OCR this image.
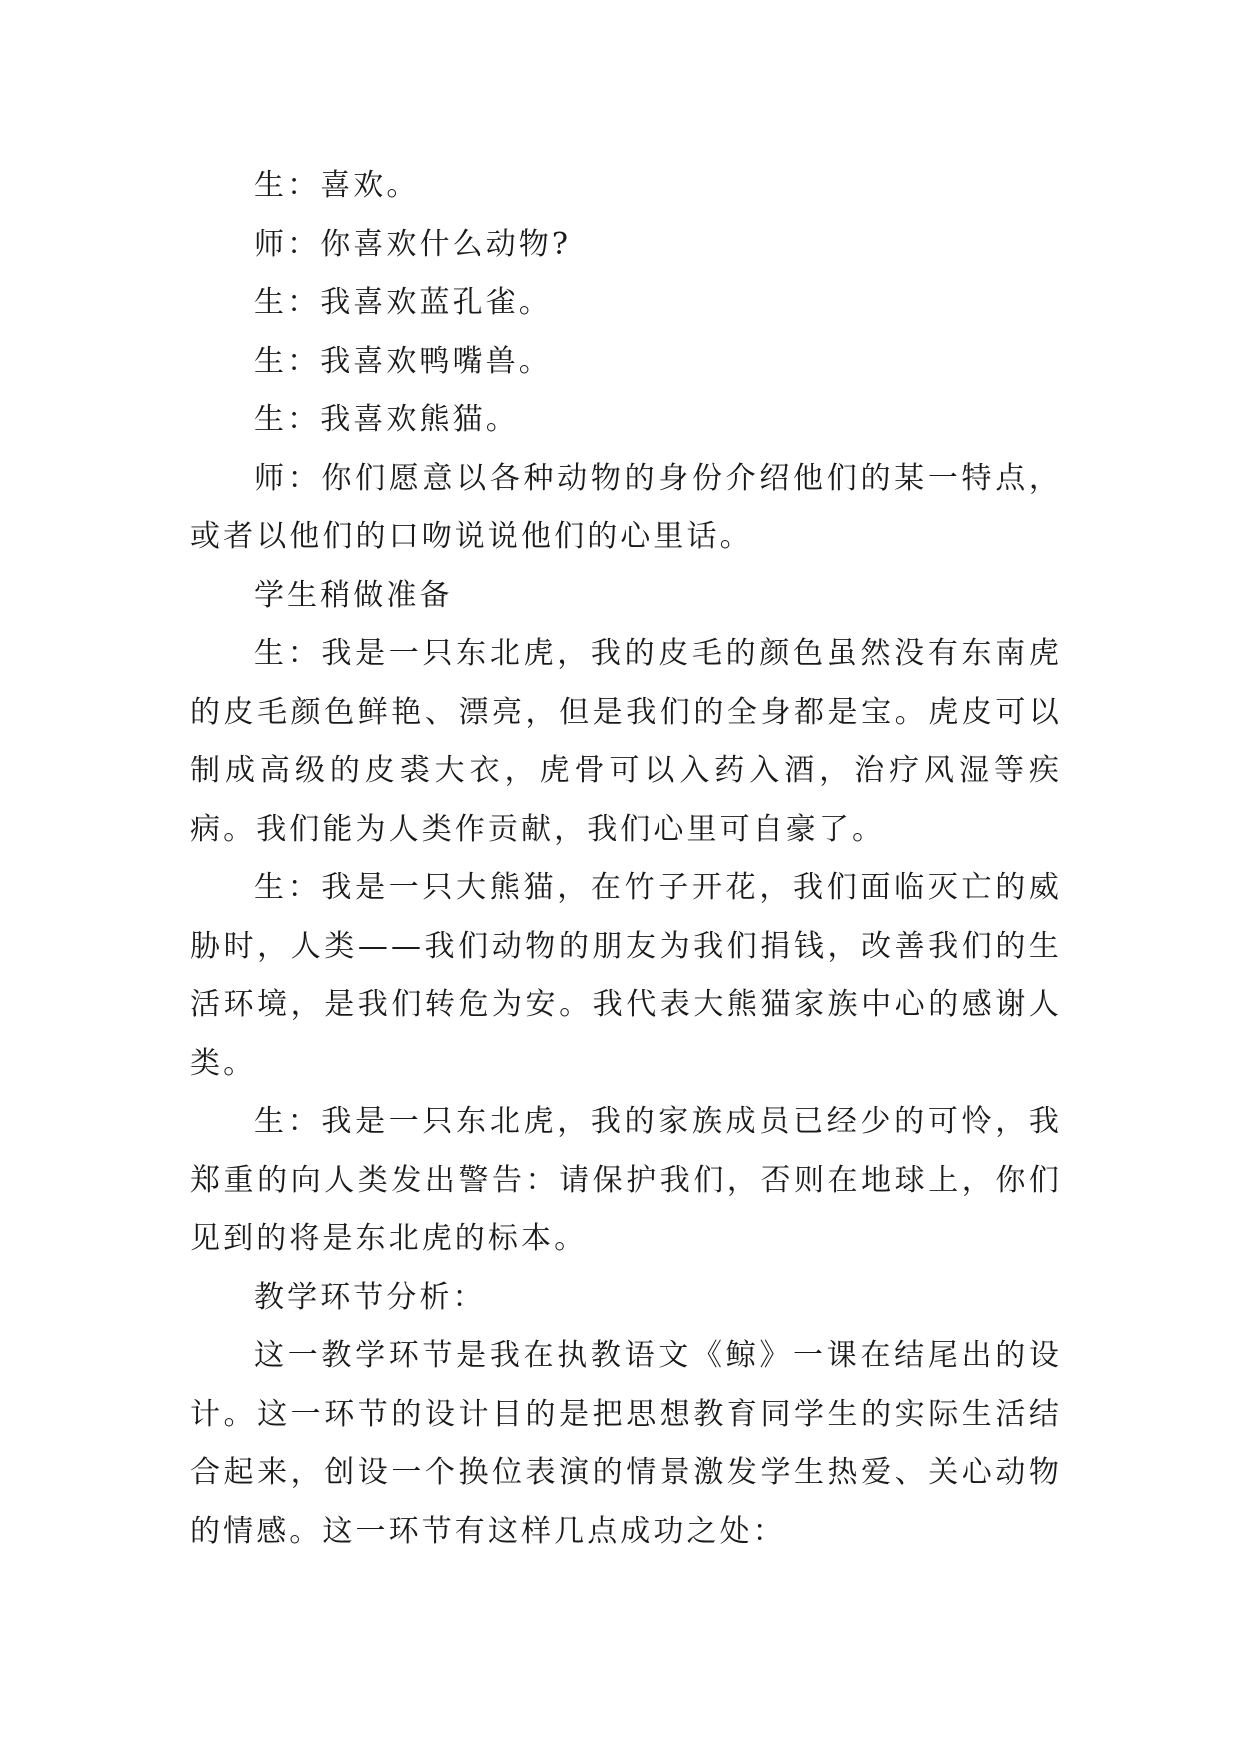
生：喜欢。

师：你喜欢什么动物?

生：我喜欢蓝孔雀。

生：我喜欢鸭嘴兽。

生：我喜欢熊猫。

师：你们愿意以各种动物的身份介绍他们的某一特点，或者以他们的口吻说说他们的心里话。

学生稍做准备

生：我是一只东北虎，我的皮毛的颜色虽然没有东南虎的皮毛颜色鲜艳、漂亮，但是我们的全身都是宝。虎皮可以制成高级的皮裘大衣，虎骨可以入药入酒，治疗风湿等疾病。我们能为人类作贡献，我们心里可自豪了。

生：我是一只大熊猫，在竹子开花，我们面临灭亡的威胁时，人类——我们动物的朋友为我们捐钱，改善我们的生活环境，是我们转危为安。我代表大熊猫家族中心的感谢人类。

生：我是一只东北虎，我的家族成员已经少的可怜，我郑重的向人类发出警告：请保护我们，否则在地球上，你们见到的将是东北虎的标本。

教学环节分析：

这一教学环节是我在执教语文《鲸》一课在结尾出的设计。这一环节的设计目的是把思想教育同学生的实际生活结合起来，创设一个换位表演的情景激发学生热爱、关心动物的情感。这一环节有这样几点成功之处：
